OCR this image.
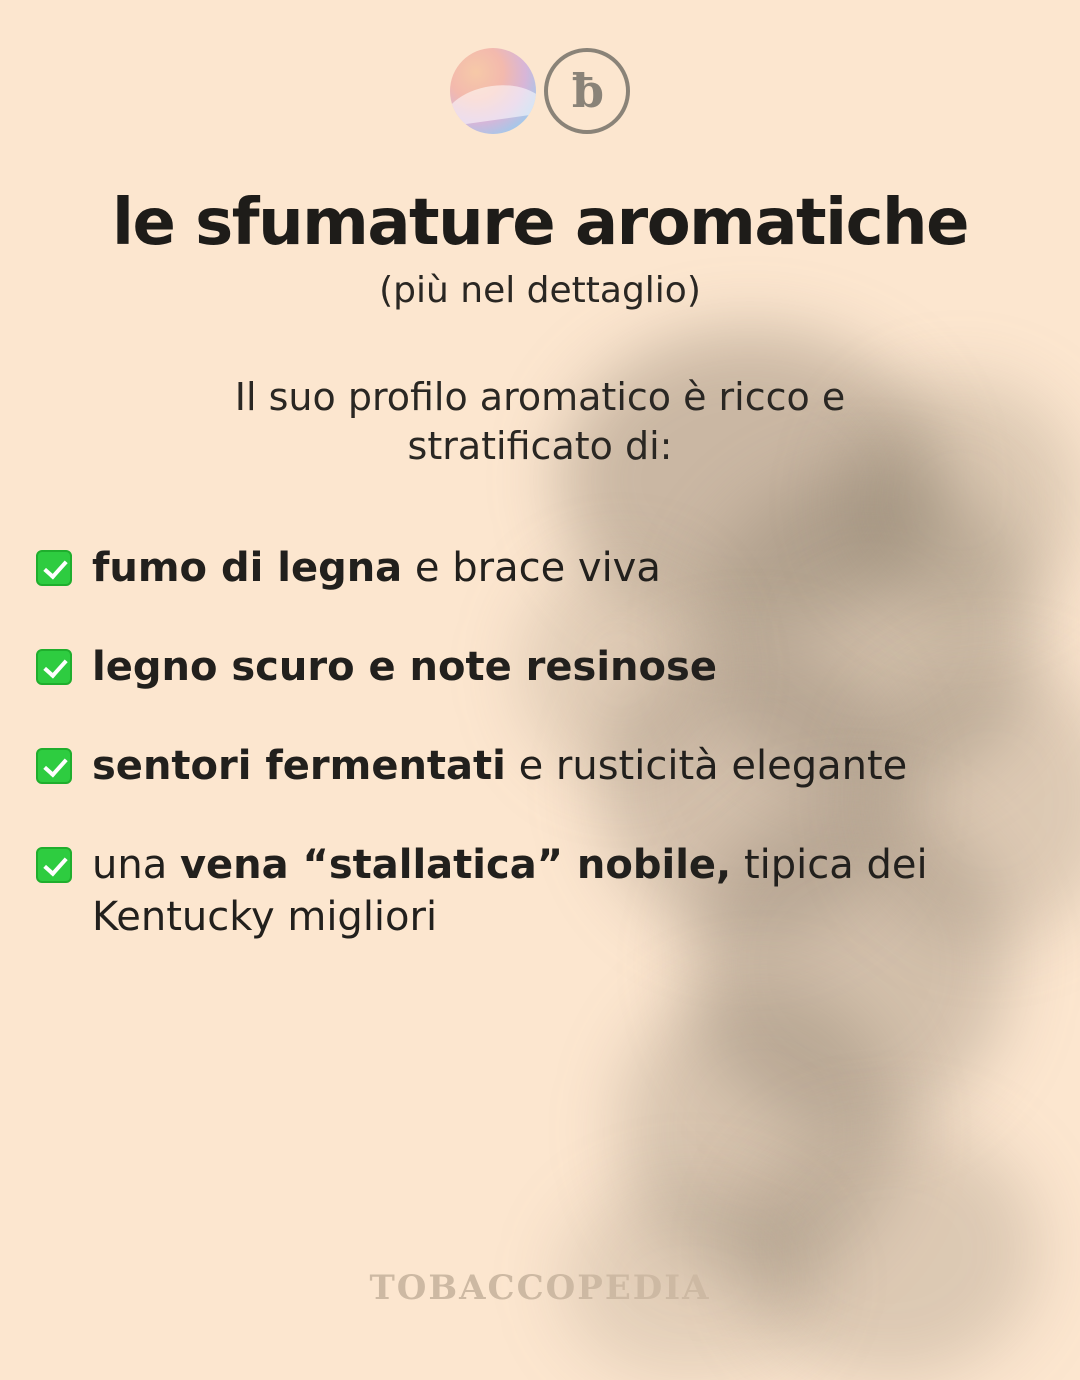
ƀ
le sfumature aromatiche
(più nel dettaglio)

Il suo profilo aromatico è ricco e stratificato di:

fumo di legna e brace viva
legno scuro e note resinose
sentori fermentati e rusticità elegante
una vena “stallatica” nobile, tipica dei Kentucky migliori
TOBACCOPEDIA
